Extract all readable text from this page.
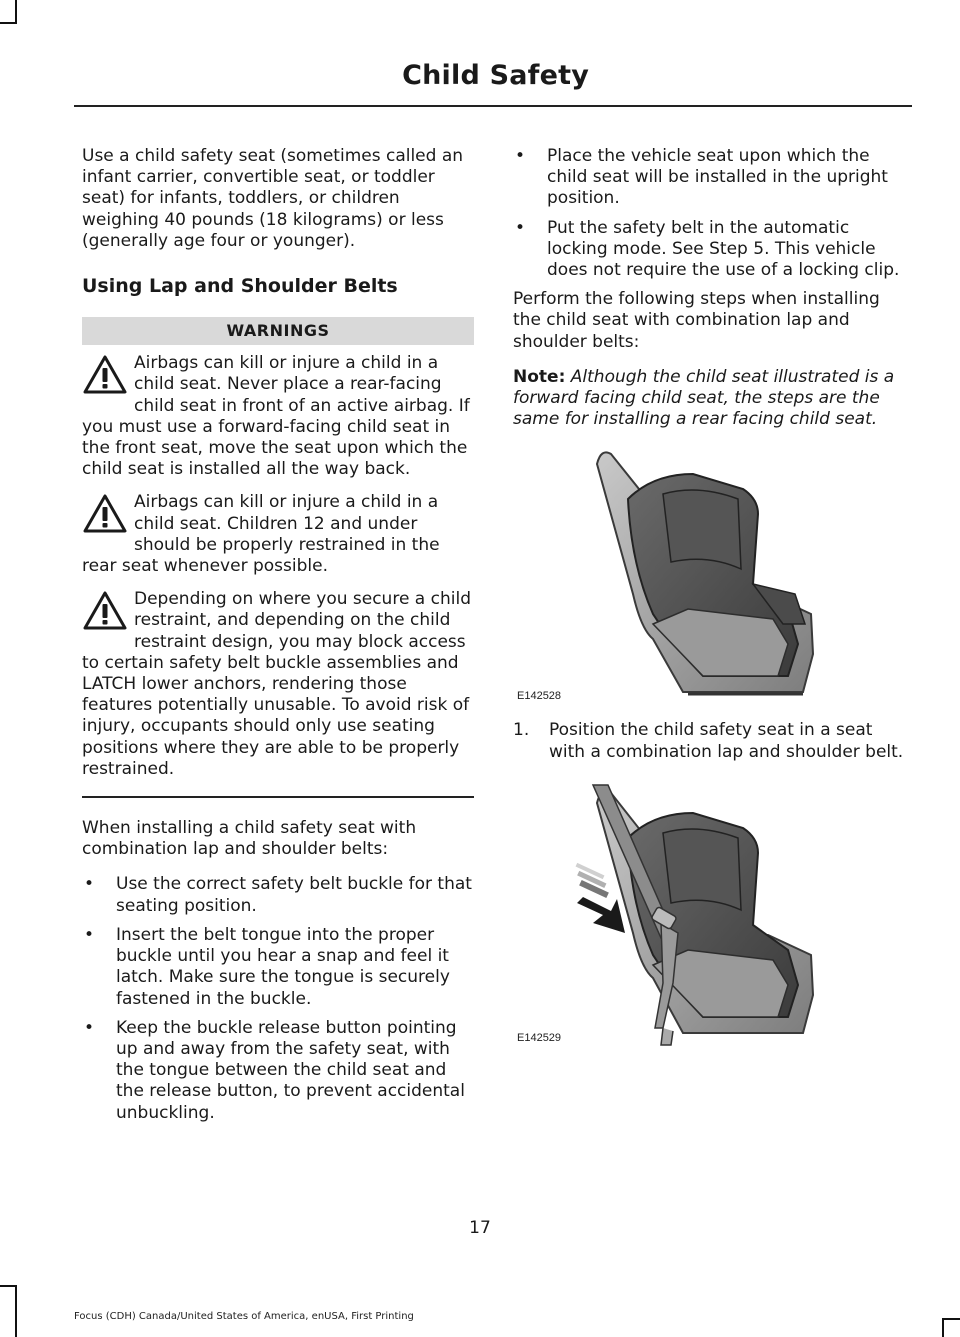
Child Safety

Use a child safety seat (sometimes called an infant carrier, convertible seat, or toddler seat) for infants, toddlers, or children weighing 40 pounds (18 kilograms) or less (generally age four or younger).

Using Lap and Shoulder Belts
WARNINGS
Airbags can kill or injure a child in a child seat. Never place a rear-facing child seat in front of an active airbag. If you must use a forward-facing child seat in the front seat, move the seat upon which the child seat is installed all the way back.
Airbags can kill or injure a child in a child seat. Children 12 and under should be properly restrained in the rear seat whenever possible.
Depending on where you secure a child restraint, and depending on the child restraint design, you may block access to certain safety belt buckle assemblies and LATCH lower anchors, rendering those features potentially unusable. To avoid risk of injury, occupants should only use seating positions where they are able to be properly restrained.

When installing a child safety seat with combination lap and shoulder belts:

• Use the correct safety belt buckle for that seating position.
• Insert the belt tongue into the proper buckle until you hear a snap and feel it latch. Make sure the tongue is securely fastened in the buckle.
• Keep the buckle release button pointing up and away from the safety seat, with the tongue between the child seat and the release button, to prevent accidental unbuckling.
• Place the vehicle seat upon which the child seat will be installed in the upright position.
• Put the safety belt in the automatic locking mode. See Step 5. This vehicle does not require the use of a locking clip.

Perform the following steps when installing the child seat with combination lap and shoulder belts:

Note: Although the child seat illustrated is a forward facing child seat, the steps are the same for installing a rear facing child seat.

E142528
1. Position the child safety seat in a seat with a combination lap and shoulder belt.
E142529
17
Focus (CDH) Canada/United States of America, enUSA, First Printing
